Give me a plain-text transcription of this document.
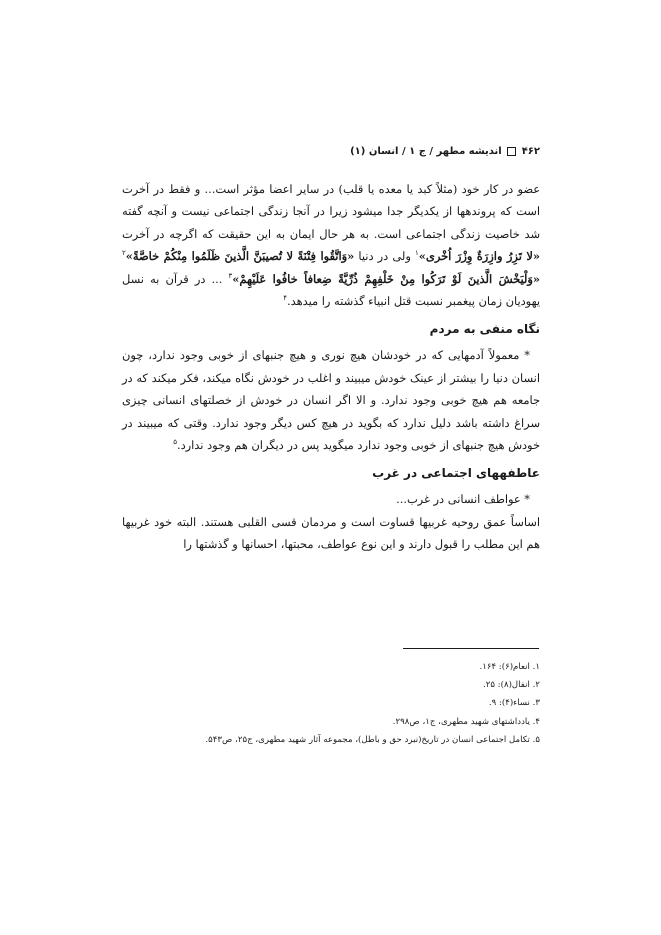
۴۶۲  اندیشه مطهر / ج ۱ / انسان (۱)

عضو در کار خود (مثلاً کبد یا معده یا قلب) در سایر اعضا مؤثر است... و فقط در آخرت است که پروندهها از یکدیگر جدا میشود زیرا در آنجا زندگی اجتماعی نیست و آنچه گفته شد خاصیت زندگی اجتماعی است. به هر حال ایمان به این حقیقت که اگرچه در آخرت «لا تَزِرُ وازِرَةٌ وِزْرَ اُخْری»$^۱$ ولی در دنیا «وَاتَّقُوا فِتْنَةً لا تُصیبَنَّ الَّذینَ ظَلَمُوا مِنْكُمْ خاصَّةً»$^۲$ «وَلْيَخْشَ الَّذينَ لَوْ تَرَكُوا مِنْ خَلْفِهِمْ ذُرِّيَّةً ضِعافاً خافُوا عَلَيْهِمْ»$^۳$ ... در قرآن به نسل یهودیان زمان پیغمبر نسبت قتل انبیاء گذشته را میدهد.$^۴$

نگاه منفی به مردم

* معمولاً آدمهایی که در خودشان هیچ نوری و هیچ جنبهای از خوبی وجود ندارد، چون انسان دنیا را بیشتر از عینک خودش میبیند و اغلب در خودش نگاه میکند، فکر میکند که در جامعه هم هیچ خوبی وجود ندارد. و الا اگر انسان در خودش از خصلتهای انسانی چیزی سراغ داشته باشد دلیل ندارد که بگوید در هیچ کس دیگر وجود ندارد. وقتی که میبیند در خودش هیچ جنبهای از خوبی وجود ندارد میگوید پس در دیگران هم وجود ندارد.$^۵$

عاطفههای اجتماعی در غرب

* عواطف انسانی در غرب...

اساساً عمق روحیه غربیها قساوت است و مردمان قسی القلبی هستند. البته خود غربیها هم این مطلب را قبول دارند و این نوع عواطف، محبتها، احسانها و گذشتها را

۱. انعام(۶): ۱۶۴.
۲. انفال(۸): ۲۵.
۳. نساء(۴): ۹.
۴. یادداشتهای شهید مطهری، ج۱، ص۲۹۸.
۵. تکامل اجتماعی انسان در تاریخ(نبرد حق و باطل)، مجموعه آثار شهید مطهری، ج۲۵، ص۵۴۳.
